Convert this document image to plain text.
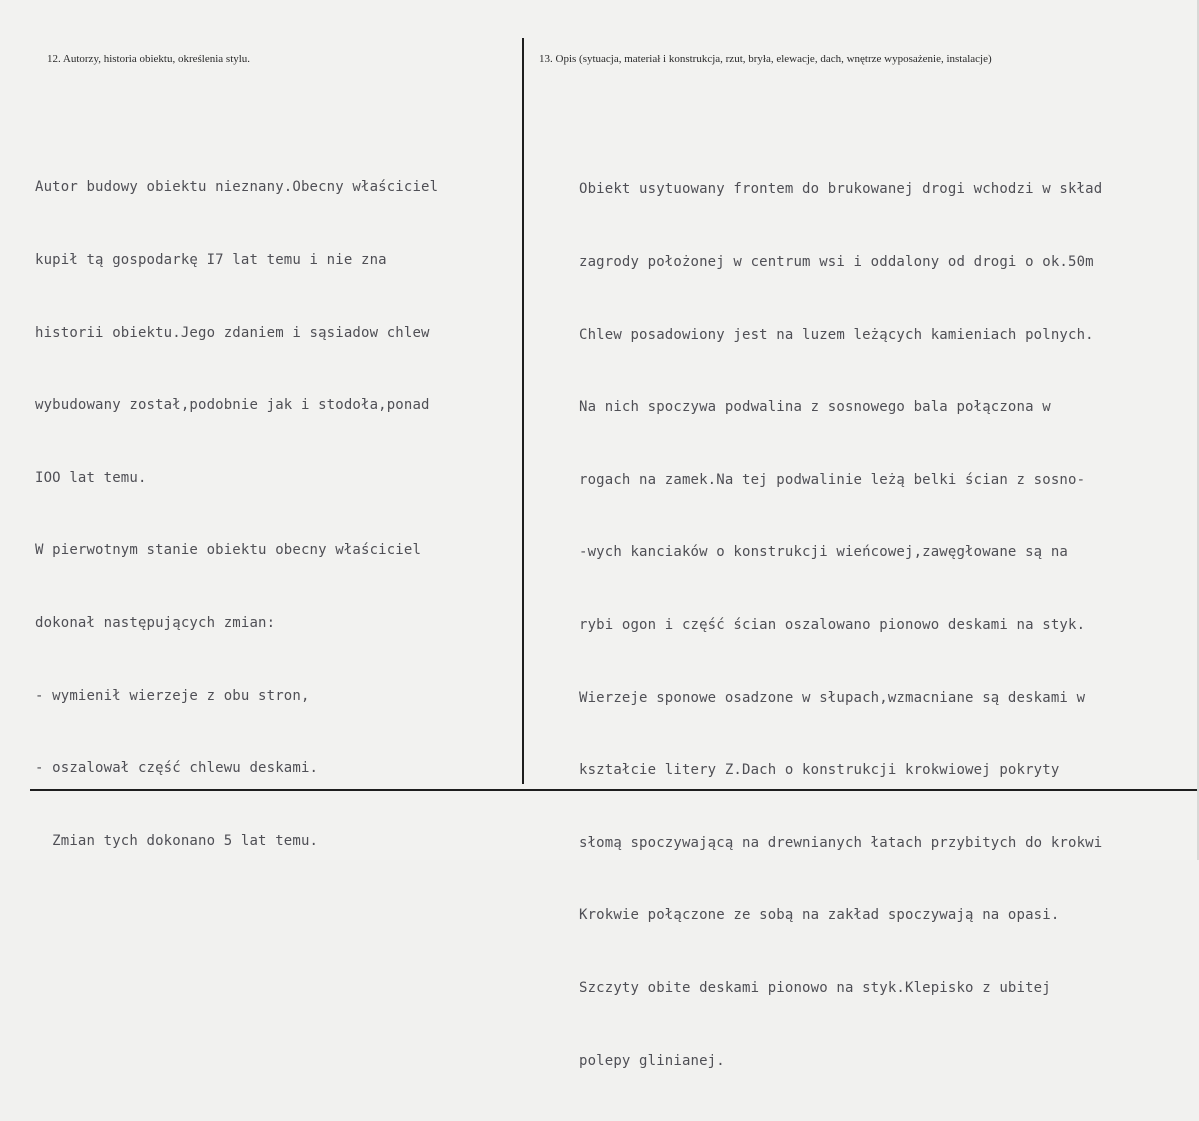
12. Autorzy, historia obiektu, określenia stylu.	13. Opis (sytuacja, materiał i konstrukcja, rzut, bryła, elewacje, dach, wnętrze wyposażenie, instalacje)

Autor budowy obiektu nieznany.Obecny właściciel

kupił tą gospodarkę I7 lat temu i nie zna

historii obiektu.Jego zdaniem i sąsiadow chlew

wybudowany został,podobnie jak i stodoła,ponad

IOO lat temu.

W pierwotnym stanie obiektu obecny właściciel

dokonał następujących zmian:

- wymienił wierzeje z obu stron,

- oszalował część chlewu deskami.

Zmian tych dokonano 5 lat temu.

Obiekt usytuowany frontem do brukowanej drogi wchodzi w skład

zagrody położonej w centrum wsi i oddalony od drogi o ok.50m

Chlew posadowiony jest na luzem leżących kamieniach polnych.

Na nich spoczywa podwalina z sosnowego bala połączona w

rogach na zamek.Na tej podwalinie leżą belki ścian z sosno-

-wych kanciaków o konstrukcji wieńcowej,zawęgłowane są na

rybi ogon i część ścian oszalowano pionowo deskami na styk.

Wierzeje sponowe osadzone w słupach,wzmacniane są deskami w

kształcie litery Z.Dach o konstrukcji krokwiowej pokryty

słomą spoczywającą na drewnianych łatach przybitych do krokwi

Krokwie połączone ze sobą na zakład spoczywają na opasi.

Szczyty obite deskami pionowo na styk.Klepisko z ubitej

polepy glinianej.
